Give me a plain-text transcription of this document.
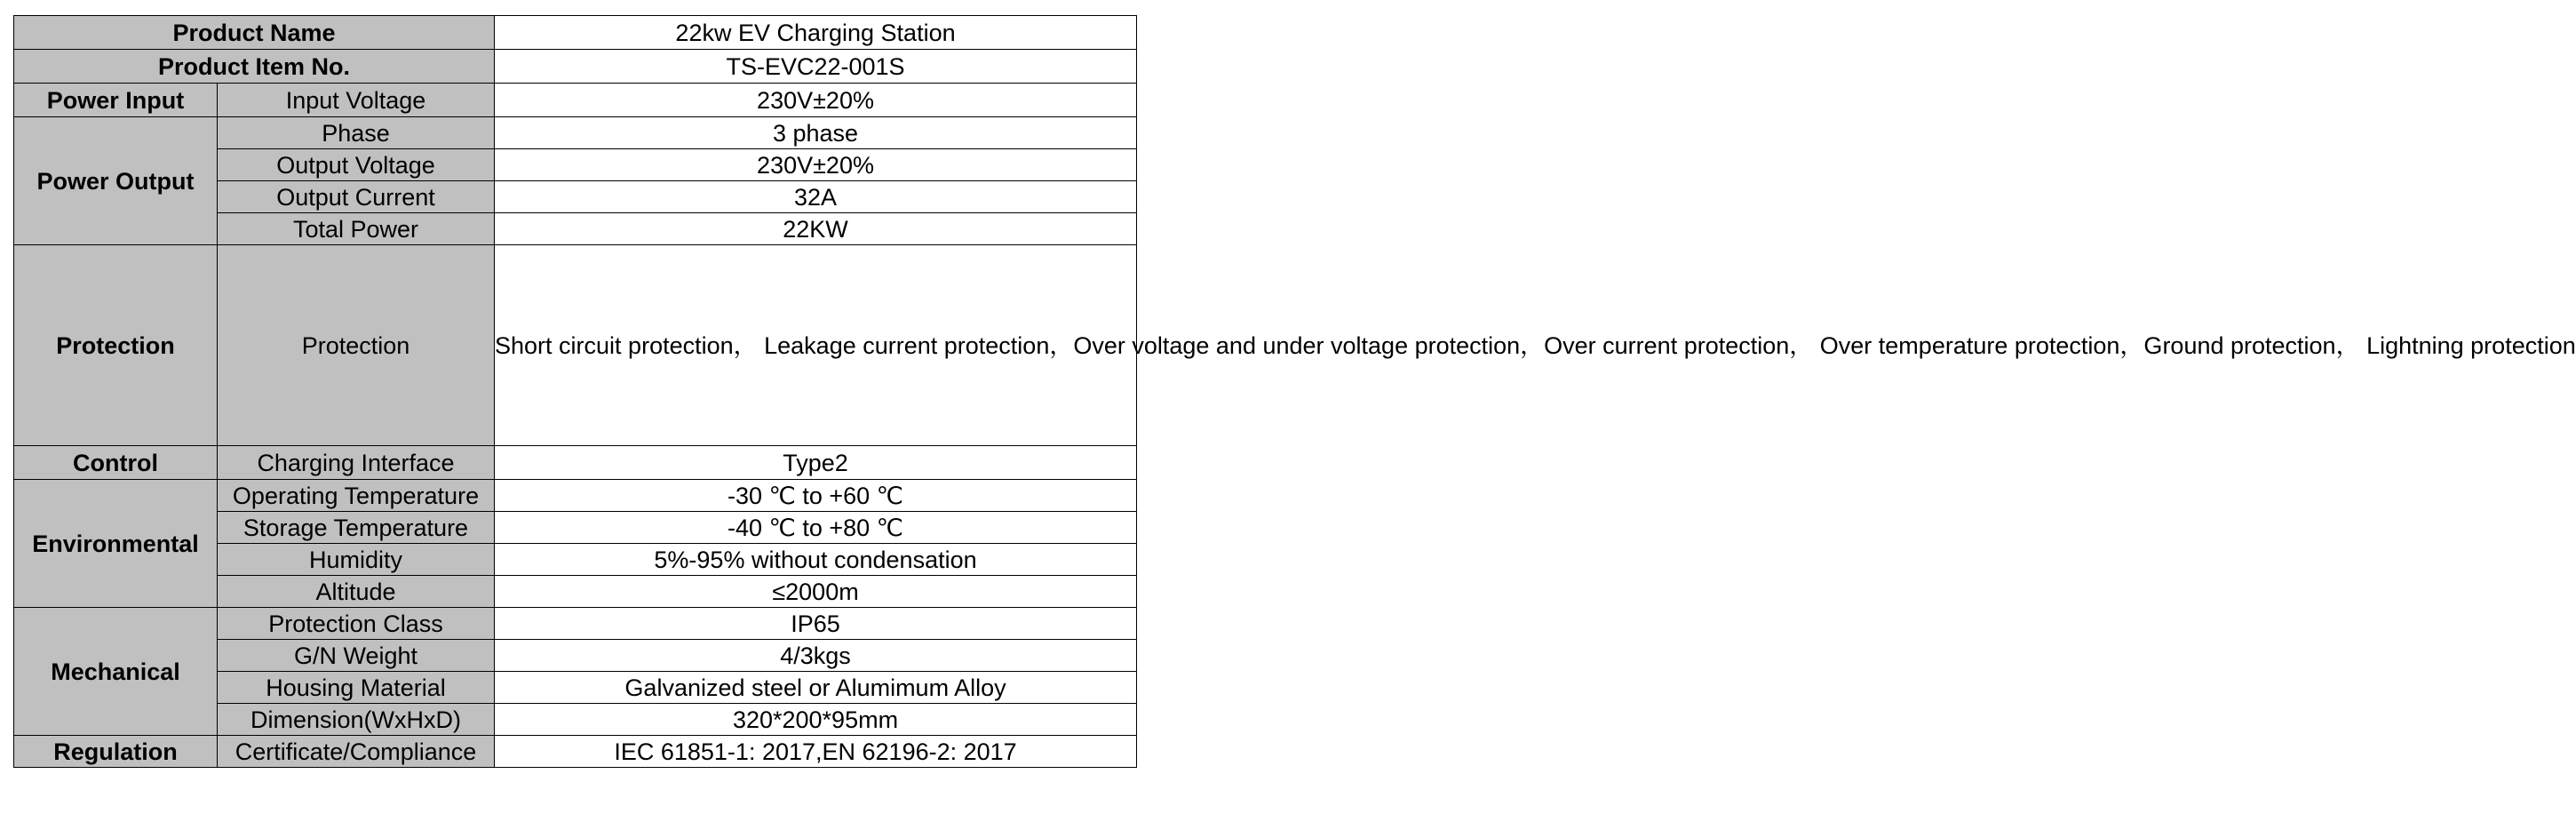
Product Name		22kw EV Charging Station
Product Item No.		TS-EVC22-001S
Power Input	Input Voltage	230V±20%
Power Output	Phase	3 phase
	Output Voltage	230V±20%
	Output Current	32A
	Total Power	22KW
Protection	Protection	Short circuit protection， Leakage current protection，Over voltage and under voltage protection，Over current protection， Over temperature protection，Ground protection， Lightning protection
Control	Charging Interface	Type2
Environmental	Operating Temperature	-30 ℃ to +60 ℃
	Storage Temperature	-40 ℃ to +80 ℃
	Humidity	5%-95% without condensation
	Altitude	≤2000m
Mechanical	Protection Class	IP65
	G/N Weight	4/3kgs
	Housing Material	Galvanized steel or Alumimum Alloy
	Dimension(WxHxD)	320*200*95mm
Regulation	Certificate/Compliance	IEC 61851-1: 2017,EN 62196-2: 2017
